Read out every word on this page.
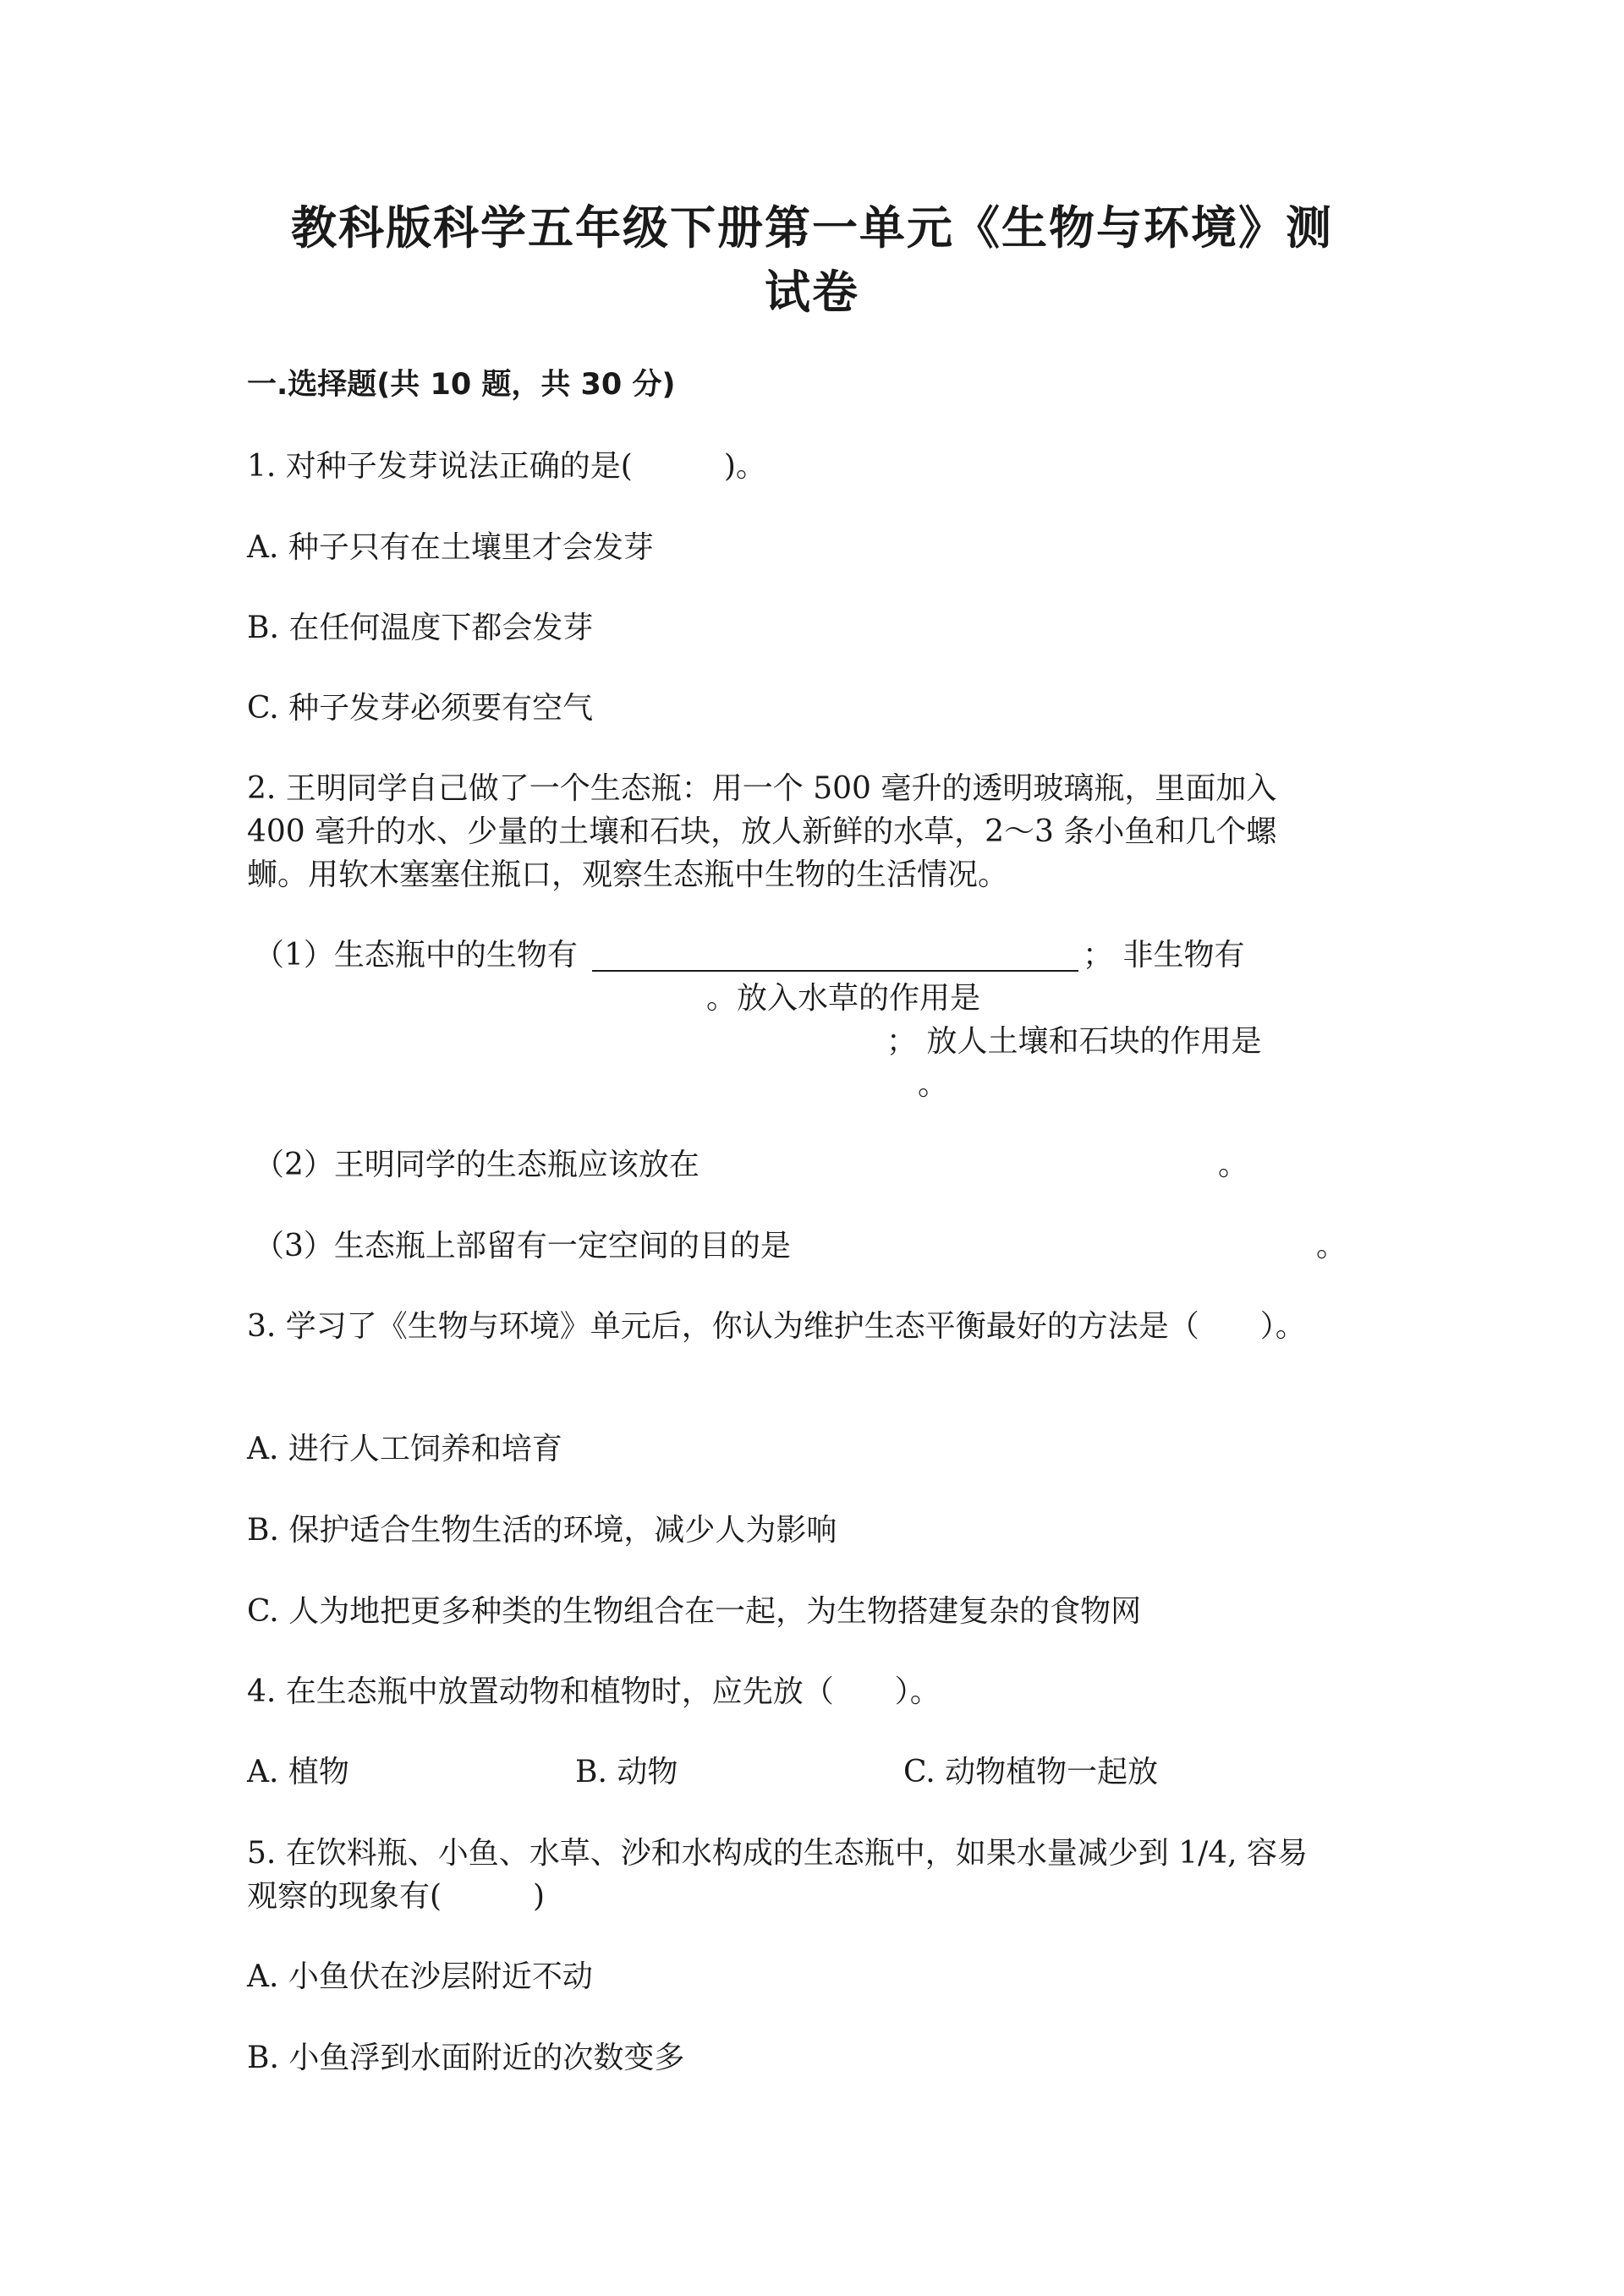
教科版科学五年级下册第一单元《生物与环境》测
试卷
一.选择题(共 10 题，共 30 分)
1. 对种子发芽说法正确的是(　　　)。
A. 种子只有在土壤里才会发芽
B. 在任何温度下都会发芽
C. 种子发芽必须要有空气
2. 王明同学自己做了一个生态瓶：用一个 500 毫升的透明玻璃瓶，里面加入
400 毫升的水、少量的土壤和石块，放人新鲜的水草，2～3 条小鱼和几个螺
蛳。用软木塞塞住瓶口，观察生态瓶中生物的生活情况。
（1）生态瓶中的生物有	； 非生物有
。放入水草的作用是
； 放人土壤和石块的作用是
。
（2）王明同学的生态瓶应该放在	。
（3）生态瓶上部留有一定空间的目的是	。
3. 学习了《生物与环境》单元后，你认为维护生态平衡最好的方法是（　　）。
A. 进行人工饲养和培育
B. 保护适合生物生活的环境，减少人为影响
C. 人为地把更多种类的生物组合在一起，为生物搭建复杂的食物网
4. 在生态瓶中放置动物和植物时，应先放（　　）。
A. 植物	B. 动物	C. 动物植物一起放
5. 在饮料瓶、小鱼、水草、沙和水构成的生态瓶中，如果水量减少到 1/4, 容易
观察的现象有(　　　)
A. 小鱼伏在沙层附近不动
B. 小鱼浮到水面附近的次数变多
